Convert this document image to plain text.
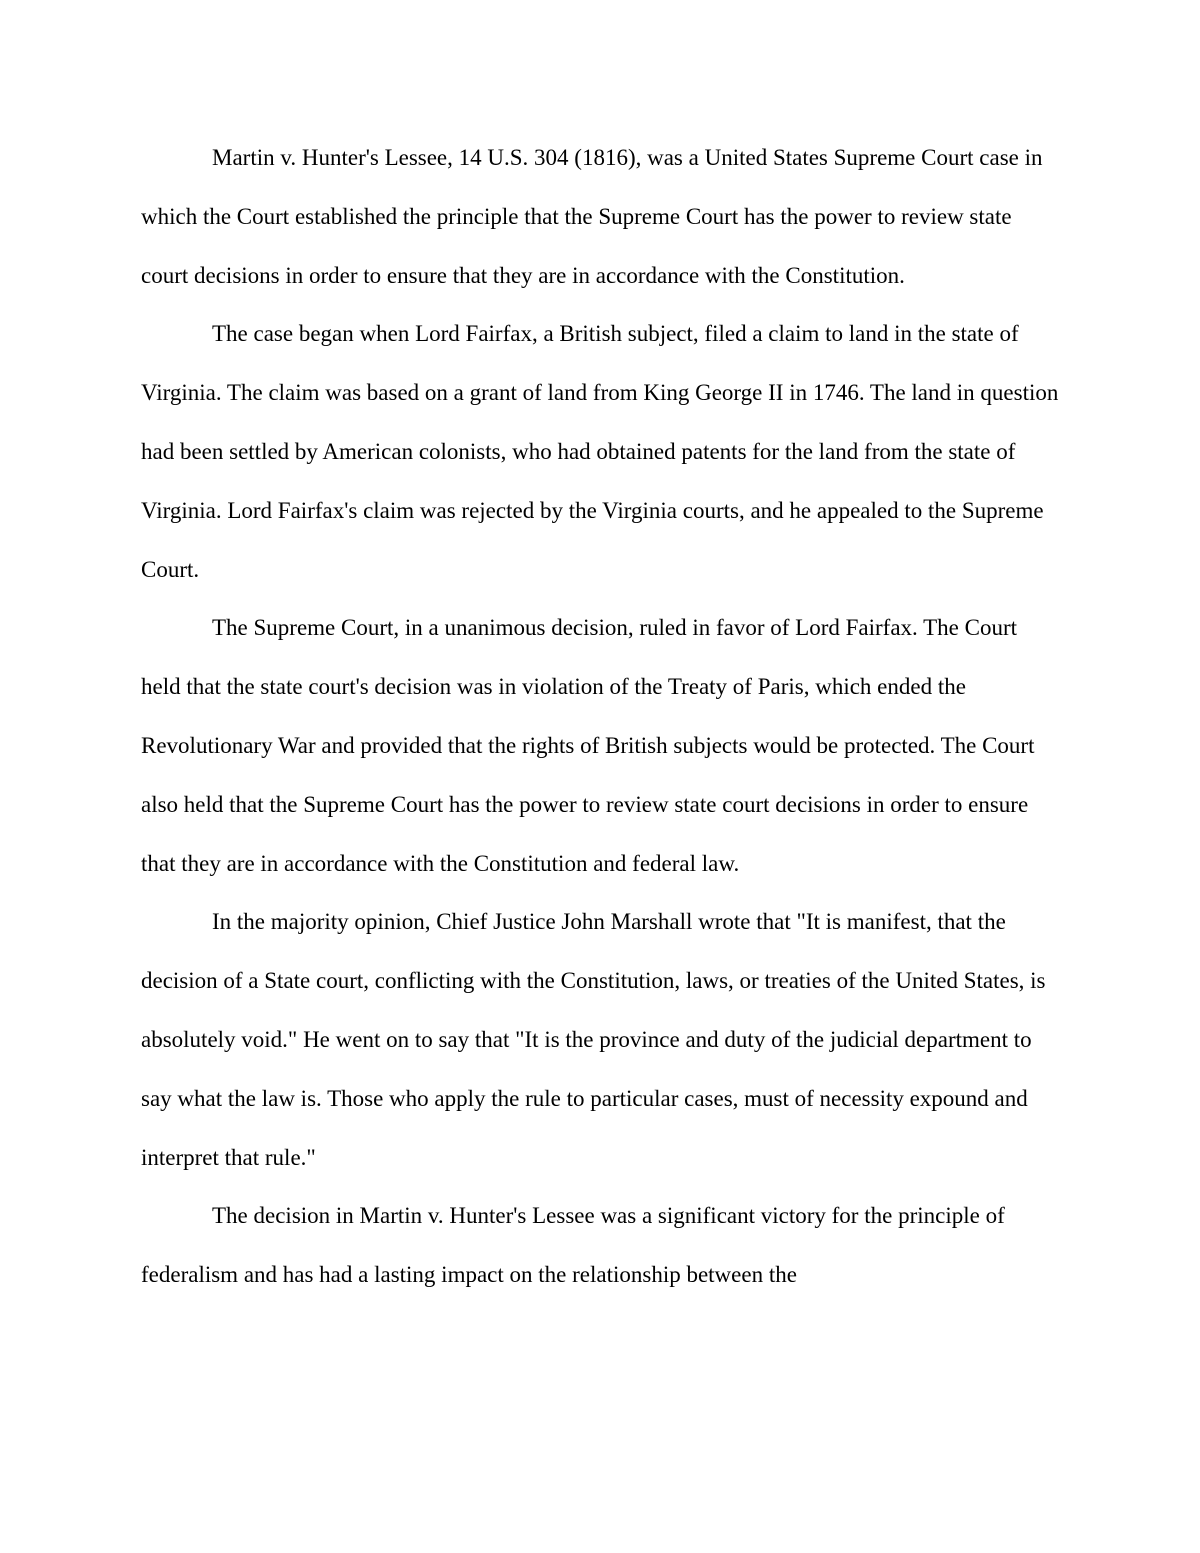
Martin v. Hunter's Lessee, 14 U.S. 304 (1816), was a United States Supreme Court case in which the Court established the principle that the Supreme Court has the power to review state court decisions in order to ensure that they are in accordance with the Constitution.

The case began when Lord Fairfax, a British subject, filed a claim to land in the state of Virginia. The claim was based on a grant of land from King George II in 1746. The land in question had been settled by American colonists, who had obtained patents for the land from the state of Virginia. Lord Fairfax's claim was rejected by the Virginia courts, and he appealed to the Supreme Court.

The Supreme Court, in a unanimous decision, ruled in favor of Lord Fairfax. The Court held that the state court's decision was in violation of the Treaty of Paris, which ended the Revolutionary War and provided that the rights of British subjects would be protected. The Court also held that the Supreme Court has the power to review state court decisions in order to ensure that they are in accordance with the Constitution and federal law.

In the majority opinion, Chief Justice John Marshall wrote that "It is manifest, that the decision of a State court, conflicting with the Constitution, laws, or treaties of the United States, is absolutely void." He went on to say that "It is the province and duty of the judicial department to say what the law is. Those who apply the rule to particular cases, must of necessity expound and interpret that rule."

The decision in Martin v. Hunter's Lessee was a significant victory for the principle of federalism and has had a lasting impact on the relationship between the
